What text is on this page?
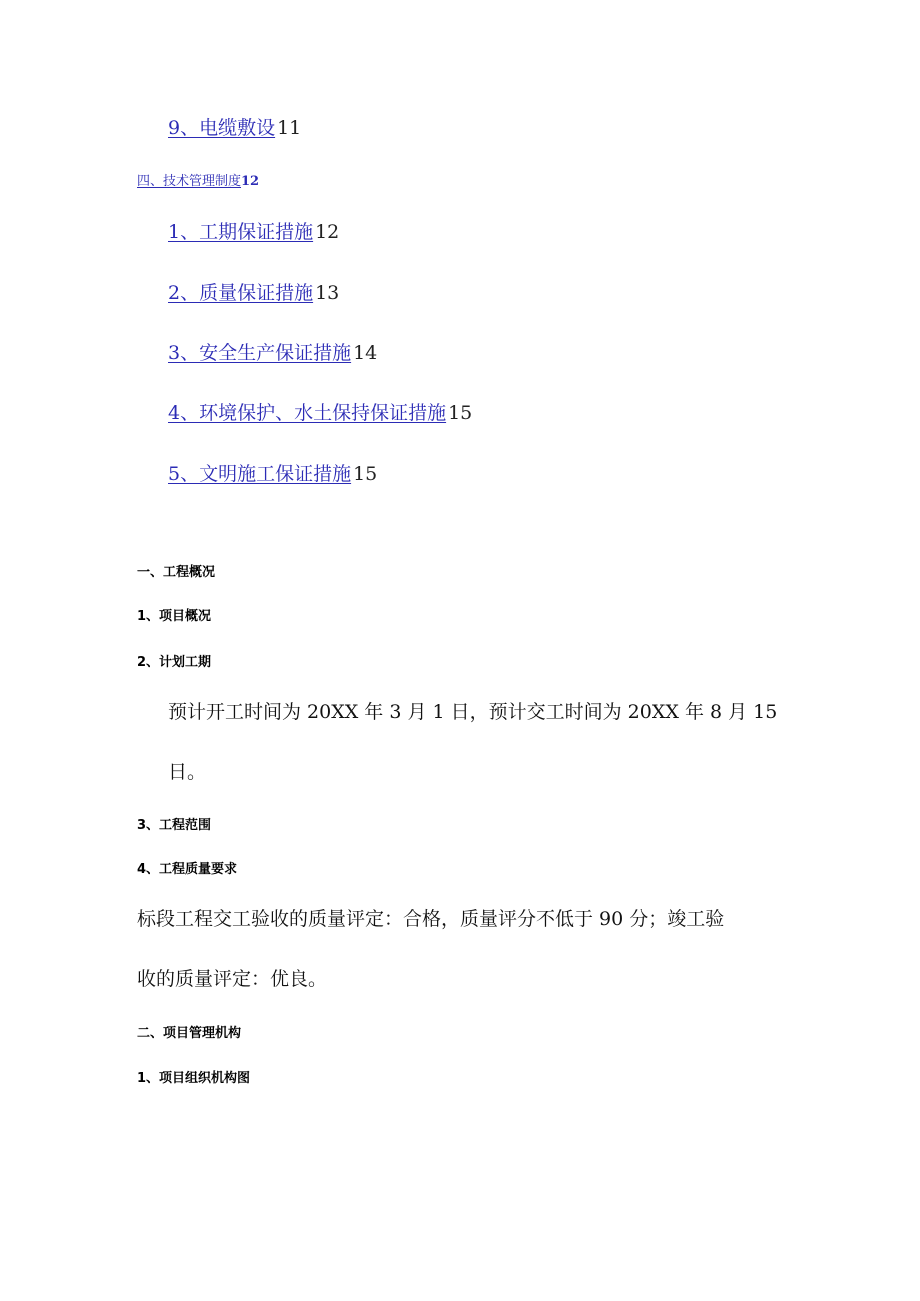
9、电缆敷设 11
四、技术管理制度12
1、工期保证措施 12
2、质量保证措施 13
3、安全生产保证措施 14
4、环境保护、水土保持保证措施 15
5、文明施工保证措施 15
一、工程概况
1、项目概况
2、计划工期
预计开工时间为 20XX 年 3 月 1 日，预计交工时间为 20XX 年 8 月 15
日。
3、工程范围
4、工程质量要求
标段工程交工验收的质量评定：合格，质量评分不低于 90 分；竣工验
收的质量评定：优良。
二、项目管理机构
1、项目组织机构图
